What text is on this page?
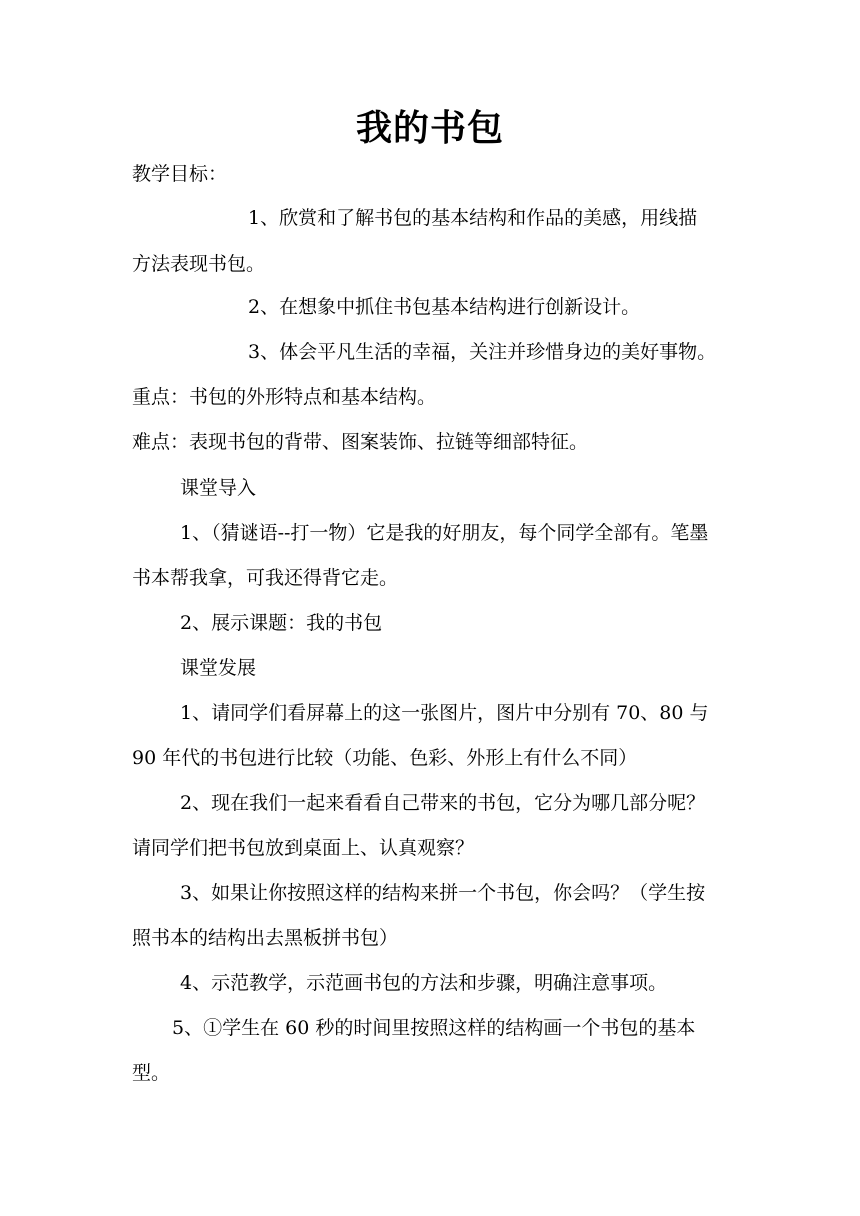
我的书包
教学目标：
1、欣赏和了解书包的基本结构和作品的美感，用线描
方法表现书包。
2、在想象中抓住书包基本结构进行创新设计。
3、体会平凡生活的幸福，关注并珍惜身边的美好事物。
重点：书包的外形特点和基本结构。
难点：表现书包的背带、图案装饰、拉链等细部特征。
课堂导入
1、（猜谜语--打一物）它是我的好朋友，每个同学全部有。笔墨
书本帮我拿，可我还得背它走。
2、展示课题：我的书包
课堂发展
1、请同学们看屏幕上的这一张图片，图片中分别有 70、80 与
90 年代的书包进行比较（功能、色彩、外形上有什么不同）
2、现在我们一起来看看自己带来的书包，它分为哪几部分呢？
请同学们把书包放到桌面上、认真观察？
3、如果让你按照这样的结构来拼一个书包，你会吗？（学生按
照书本的结构出去黑板拼书包）
4、示范教学，示范画书包的方法和步骤，明确注意事项。
5、①学生在 60 秒的时间里按照这样的结构画一个书包的基本
型。
